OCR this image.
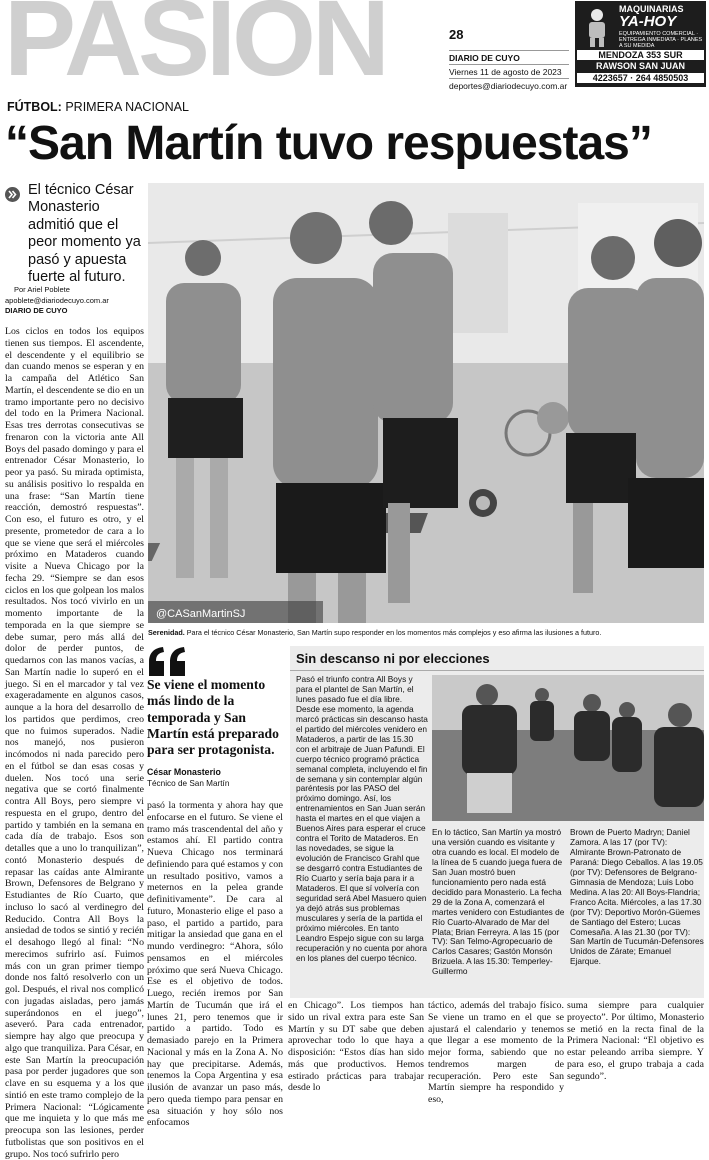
PASION	28
DIARIO DE CUYO
Viernes 11 de agosto de 2023
deportes@diariodecuyo.com.ar
MAQUINARIAS
YA-HOY
EQUIPAMIENTO COMERCIAL · ENTREGA INMEDIATA · PLANES A SU MEDIDA
MENDOZA 353 SUR
RAWSON SAN JUAN
4223657 · 264 4850503
FÚTBOL: PRIMERA NACIONAL
“San Martín tuvo respuestas”
El técnico César Monasterio admitió que el peor momento ya pasó y apuesta fuerte al futuro.
Por Ariel Poblete
apoblete@diariodecuyo.com.ar
DIARIO DE CUYO

Los ciclos en todos los equipos tienen sus tiempos. El ascendente, el descendente y el equilibrio se dan cuando menos se esperan y en la campaña del Atlético San Martín, el descendente se dio en un tramo importante pero no decisivo del todo en la Primera Nacional. Esas tres derrotas consecutivas se frenaron con la victoria ante All Boys del pasado domingo y para el entrenador César Monasterio, lo peor ya pasó. Su mirada optimista, su análisis positivo lo respalda en una frase: “San Martín tiene reacción, demostró respuestas”. Con eso, el futuro es otro, y el presente, prometedor de cara a lo que se viene que será el miércoles próximo en Mataderos cuando visite a Nueva Chicago por la fecha 29. “Siempre se dan esos ciclos en los que golpean los malos resultados. Nos tocó vivirlo en un momento importante de la temporada en la que siempre se debe sumar, pero más allá del dolor de perder puntos, de quedarnos con las manos vacías, a San Martín nadie lo superó en el juego. Si en el marcador y tal vez exageradamente en algunos casos, aunque a la hora del desarrollo de los partidos que perdimos, creo que no fuimos superados. Nadie nos manejó, nos pusieron incómodos ni nada parecido pero en el fútbol se dan esas cosas y duelen. Nos tocó una serie negativa que se cortó finalmente contra All Boys, pero siempre vi respuesta en el grupo, dentro del partido y también en la semana en cada día de trabajo. Esos son detalles que a uno lo tranquilizan”, contó Monasterio después de repasar las caídas ante Almirante Brown, Defensores de Belgrano y Estudiantes de Río Cuarto, que incluso lo sacó al verdinegro del Reducido. Contra All Boys la ansiedad de todos se sintió y recién el desahogo llegó al final: “No merecimos sufrirlo así. Fuimos más con un gran primer tiempo donde nos faltó resolverlo con un gol. Después, el rival nos complicó con jugadas aisladas, pero jamás superándonos en el juego”, aseveró. Para cada entrenador, siempre hay algo que preocupa y algo que tranquiliza. Para César, en este San Martín la preocupación pasa por perder jugadores que son clave en su esquema y a los que sintió en este tramo complejo de la Primera Nacional: “Lógicamente que me inquieta y lo que más me preocupa son las lesiones, perder futbolistas que son positivos en el grupo. Nos tocó sufrirlo pero

@CASanMartinSJ
Serenidad. Para el técnico César Monasterio, San Martín supo responder en los momentos más complejos y eso afirma las ilusiones a futuro.
Se viene el momento más lindo de la temporada y San Martín está preparado para ser protagonista.
César Monasterio
Técnico de San Martín

pasó la tormenta y ahora hay que enfocarse en el futuro. Se viene el tramo más trascendental del año y estamos ahí. El partido contra Nueva Chicago nos terminará definiendo para qué estamos y con un resultado positivo, vamos a meternos en la pelea grande definitivamente”. De cara al futuro, Monasterio elige el paso a paso, el partido a partido, para mitigar la ansiedad que gana en el mundo verdinegro: “Ahora, sólo pensamos en el miércoles próximo que será Nueva Chicago. Ese es el objetivo de todos. Luego, recién iremos por San Martín de Tucumán que irá el lunes 21, pero tenemos que ir partido a partido. Todo es demasiado parejo en la Primera Nacional y más en la Zona A. No hay que precipitarse. Además, tenemos la Copa Argentina y esa ilusión de avanzar un paso más, pero queda tiempo para pensar en esa situación y hoy sólo nos enfocamos

Sin descanso ni por elecciones
Pasó el triunfo contra All Boys y para el plantel de San Martín, el lunes pasado fue el día libre. Desde ese momento, la agenda marcó prácticas sin descanso hasta el partido del miércoles venidero en Mataderos, a partir de las 15.30 con el arbitraje de Juan Pafundi. El cuerpo técnico programó práctica semanal completa, incluyendo el fin de semana y sin contemplar algún paréntesis por las PASO del próximo domingo. Así, los entrenamientos en San Juan serán hasta el martes en el que viajen a Buenos Aires para esperar el cruce contra el Torito de Mataderos. En las novedades, se sigue la evolución de Francisco Grahl que se desgarró contra Estudiantes de Río Cuarto y sería baja para ir a Mataderos. El que sí volvería con seguridad será Abel Masuero quien ya dejó atrás sus problemas musculares y sería de la partida el próximo miércoles. En tanto Leandro Espejo sigue con su larga recuperación y no cuenta por ahora en los planes del cuerpo técnico.
En lo táctico, San Martín ya mostró una versión cuando es visitante y otra cuando es local. El modelo de la línea de 5 cuando juega fuera de San Juan mostró buen funcionamiento pero nada está decidido para Monasterio. La fecha 29 de la Zona A, comenzará el martes venidero con Estudiantes de Río Cuarto-Alvarado de Mar del Plata; Brian Ferreyra. A las 15 (por TV): San Telmo-Agropecuario de Carlos Casares; Gastón Monsón Brizuela. A las 15.30: Temperley-Guillermo
Brown de Puerto Madryn; Daniel Zamora. A las 17 (por TV): Almirante Brown-Patronato de Paraná: Diego Ceballos. A las 19.05 (por TV): Defensores de Belgrano-Gimnasia de Mendoza; Luis Lobo Medina. A las 20: All Boys-Flandria; Franco Acita. Miércoles, a las 17.30 (por TV): Deportivo Morón-Güemes de Santiago del Estero; Lucas Comesaña. A las 21.30 (por TV): San Martín de Tucumán-Defensores Unidos de Zárate; Emanuel Ejarque.

en Chicago”. Los tiempos han sido un rival extra para este San Martín y su DT sabe que deben aprovechar todo lo que haya a disposición: “Estos días han sido más que productivos. Hemos estirado prácticas para trabajar desde lo

táctico, además del trabajo físico. Se viene un tramo en el que se ajustará el calendario y tenemos que llegar a ese momento de la mejor forma, sabiendo que no tendremos margen de recuperación. Pero este San Martín siempre ha respondido y eso,

suma siempre para cualquier proyecto”. Por último, Monasterio se metió en la recta final de la Primera Nacional: “El objetivo es estar peleando arriba siempre. Y para eso, el grupo trabaja a cada segundo”.
